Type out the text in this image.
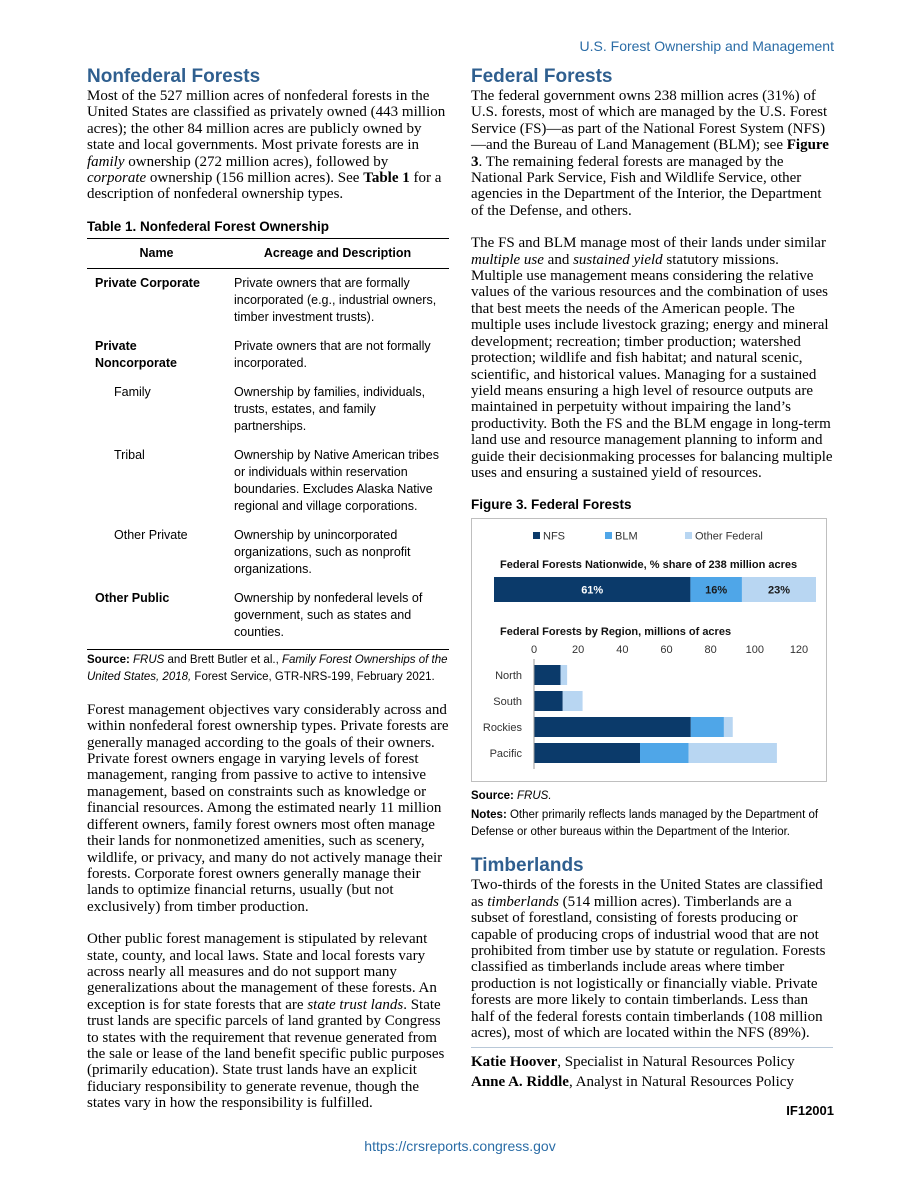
U.S. Forest Ownership and Management
Nonfederal Forests

Most of the 527 million acres of nonfederal forests in the United States are classified as privately owned (443 million acres); the other 84 million acres are publicly owned by state and local governments. Most private forests are in family ownership (272 million acres), followed by corporate ownership (156 million acres). See Table 1 for a description of nonfederal ownership types.

Table 1. Nonfederal Forest Ownership
Name	Acreage and Description
Private Corporate	Private owners that are formally incorporated (e.g., industrial owners, timber investment trusts).
Private Noncorporate	Private owners that are not formally incorporated.
Family	Ownership by families, individuals, trusts, estates, and family partnerships.
Tribal	Ownership by Native American tribes or individuals within reservation boundaries. Excludes Alaska Native regional and village corporations.
Other Private	Ownership by unincorporated organizations, such as nonprofit organizations.
Other Public	Ownership by nonfederal levels of government, such as states and counties.
Source: FRUS and Brett Butler et al., Family Forest Ownerships of the United States, 2018, Forest Service, GTR-NRS-199, February 2021.

Forest management objectives vary considerably across and within nonfederal forest ownership types. Private forests are generally managed according to the goals of their owners. Private forest owners engage in varying levels of forest management, ranging from passive to active to intensive management, based on constraints such as knowledge or financial resources. Among the estimated nearly 11 million different owners, family forest owners most often manage their lands for nonmonetized amenities, such as scenery, wildlife, or privacy, and many do not actively manage their forests. Corporate forest owners generally manage their lands to optimize financial returns, usually (but not exclusively) from timber production.

Other public forest management is stipulated by relevant state, county, and local laws. State and local forests vary across nearly all measures and do not support many generalizations about the management of these forests. An exception is for state forests that are state trust lands. State trust lands are specific parcels of land granted by Congress to states with the requirement that revenue generated from the sale or lease of the land benefit specific public purposes (primarily education). State trust lands have an explicit fiduciary responsibility to generate revenue, though the states vary in how the responsibility is fulfilled.

Federal Forests

The federal government owns 238 million acres (31%) of U.S. forests, most of which are managed by the U.S. Forest Service (FS)—as part of the National Forest System (NFS)—and the Bureau of Land Management (BLM); see Figure 3. The remaining federal forests are managed by the National Park Service, Fish and Wildlife Service, other agencies in the Department of the Interior, the Department of the Defense, and others.

The FS and BLM manage most of their lands under similar multiple use and sustained yield statutory missions. Multiple use management means considering the relative values of the various resources and the combination of uses that best meets the needs of the American people. The multiple uses include livestock grazing; energy and mineral development; recreation; timber production; watershed protection; wildlife and fish habitat; and natural scenic, scientific, and historical values. Managing for a sustained yield means ensuring a high level of resource outputs are maintained in perpetuity without impairing the land’s productivity. Both the FS and the BLM engage in long-term land use and resource management planning to inform and guide their decisionmaking processes for balancing multiple uses and ensuring a sustained yield of resources.

Figure 3. Federal Forests
NFS	BLM	Other Federal
Federal Forests Nationwide, % share of 238 million acres
61%	16%	23%
Federal Forests by Region, millions of acres
0	20	40	60	80	100 120
North
South
Rockies
Pacific
Source: FRUS.
Notes: Other primarily reflects lands managed by the Department of Defense or other bureaus within the Department of the Interior.
Timberlands

Two-thirds of the forests in the United States are classified as timberlands (514 million acres). Timberlands are a subset of forestland, consisting of forests producing or capable of producing crops of industrial wood that are not prohibited from timber use by statute or regulation. Forests classified as timberlands include areas where timber production is not logistically or financially viable. Private forests are more likely to contain timberlands. Less than half of the federal forests contain timberlands (108 million acres), most of which are located within the NFS (89%).

Katie Hoover, Specialist in Natural Resources Policy

Anne A. Riddle, Analyst in Natural Resources Policy

IF12001
https://crsreports.congress.gov
